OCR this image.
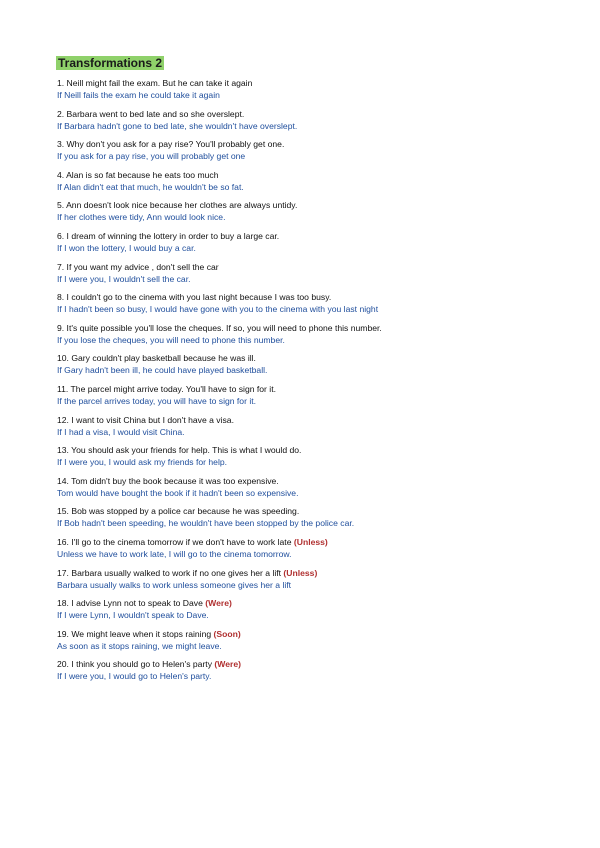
Transformations 2
1. Neill might fail the exam. But he can take it again
If Neill fails the exam he could take it again
2. Barbara went to bed late and so she overslept.
If Barbara hadn't gone to bed late, she wouldn't have overslept.
3. Why don't you ask for a pay rise? You'll probably get one.
If you ask for a pay rise, you will probably get one
4. Alan is so fat because he eats too much
If Alan didn't eat that much, he wouldn't be so fat.
5. Ann doesn't look nice because her clothes are always untidy.
If her clothes were tidy, Ann would look nice.
6. I dream of winning the lottery in order to buy a large car.
If I won the lottery, I would buy a car.
7. If you want my advice , don't sell the car
If I were you, I wouldn't sell the car.
8. I couldn't go to the cinema with you last night because I was too busy.
If I hadn't been so busy, I would have gone with you to the cinema with you last night
9. It's quite possible you'll lose the cheques. If so, you will need to phone this number.
If you lose the cheques, you will need to phone this number.
10. Gary couldn't play basketball because he was ill.
If Gary hadn't been ill, he could have played basketball.
11. The parcel might arrive today. You'll have to sign for it.
If the parcel arrives today, you will have to sign for it.
12. I want to visit China but I don't have a visa.
If I had a visa, I would visit China.
13. You should ask your friends for help. This is what I would do.
If I were you, I would ask my friends for help.
14. Tom didn't buy the book because it was too expensive.
Tom would have bought the book if it hadn't been so expensive.
15. Bob was stopped by a police car because he was speeding.
If Bob hadn't been speeding, he wouldn't have been stopped by the police car.
16. I'll go to the cinema tomorrow if we don't have to work late (Unless)
Unless we have to work late, I will go to the cinema tomorrow.
17. Barbara usually walked to work if no one gives her a lift (Unless)
Barbara usually walks to work unless someone gives her a lift
18. I advise Lynn not to speak to Dave (Were)
If I were Lynn, I wouldn't speak to Dave.
19. We might leave when it stops raining (Soon)
As soon as it stops raining, we might leave.
20. I think you should go to Helen's party (Were)
If I were you, I would go to Helen's party.
